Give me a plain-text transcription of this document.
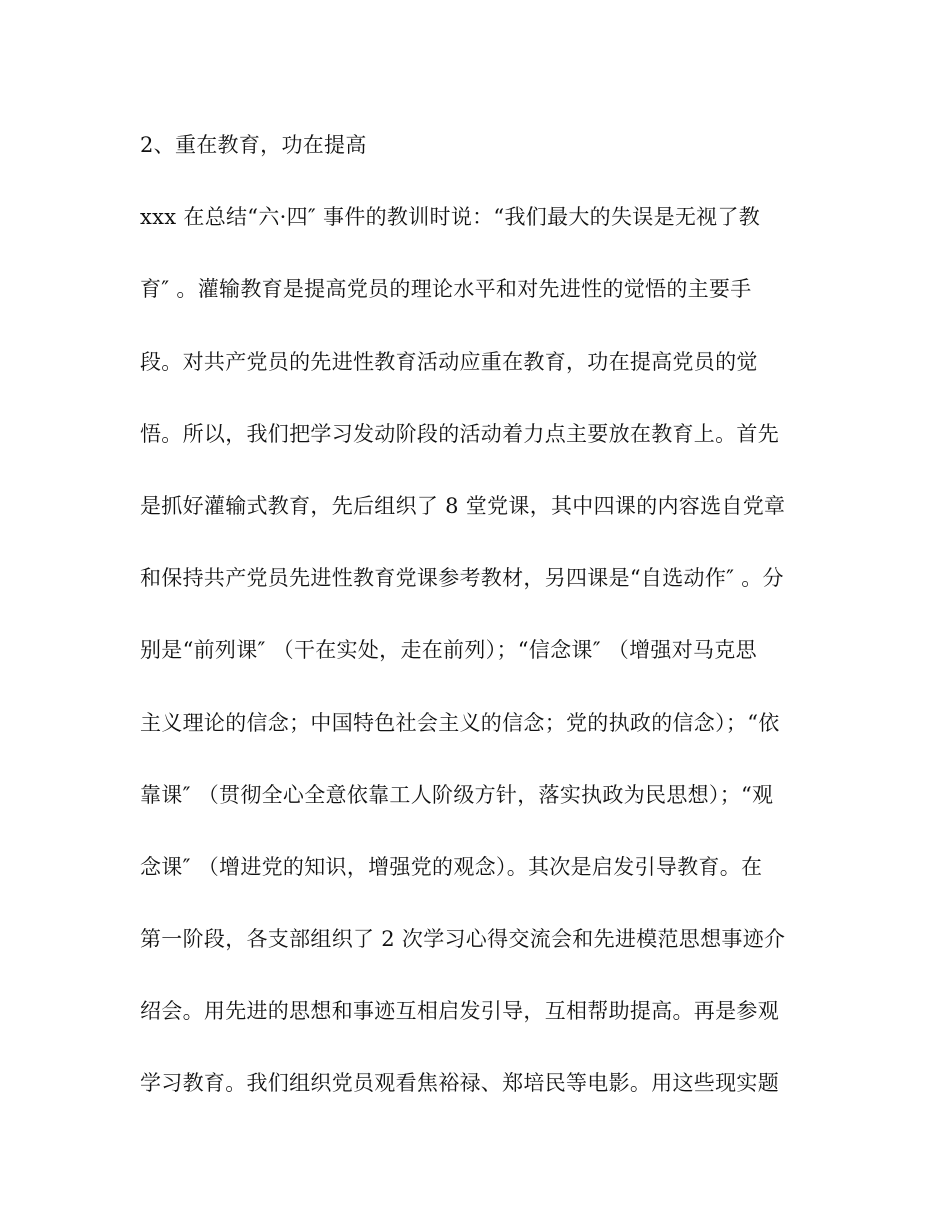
2、重在教育，功在提高
xxx 在总结“六·四″ 事件的教训时说：“我们最大的失误是无视了教
育″ 。灌输教育是提高党员的理论水平和对先进性的觉悟的主要手
段。对共产党员的先进性教育活动应重在教育，功在提高党员的觉
悟。所以，我们把学习发动阶段的活动着力点主要放在教育上。首先
是抓好灌输式教育，先后组织了 8 堂党课，其中四课的内容选自党章
和保持共产党员先进性教育党课参考教材，另四课是“自选动作″ 。分
别是“前列课″ （干在实处，走在前列）；“信念课″ （增强对马克思
主义理论的信念；中国特色社会主义的信念；党的执政的信念）；“依
靠课″ （贯彻全心全意依靠工人阶级方针，落实执政为民思想）；“观
念课″ （增进党的知识，增强党的观念）。其次是启发引导教育。在
第一阶段，各支部组织了 2 次学习心得交流会和先进模范思想事迹介
绍会。用先进的思想和事迹互相启发引导，互相帮助提高。再是参观
学习教育。我们组织党员观看焦裕禄、郑培民等电影。用这些现实题
